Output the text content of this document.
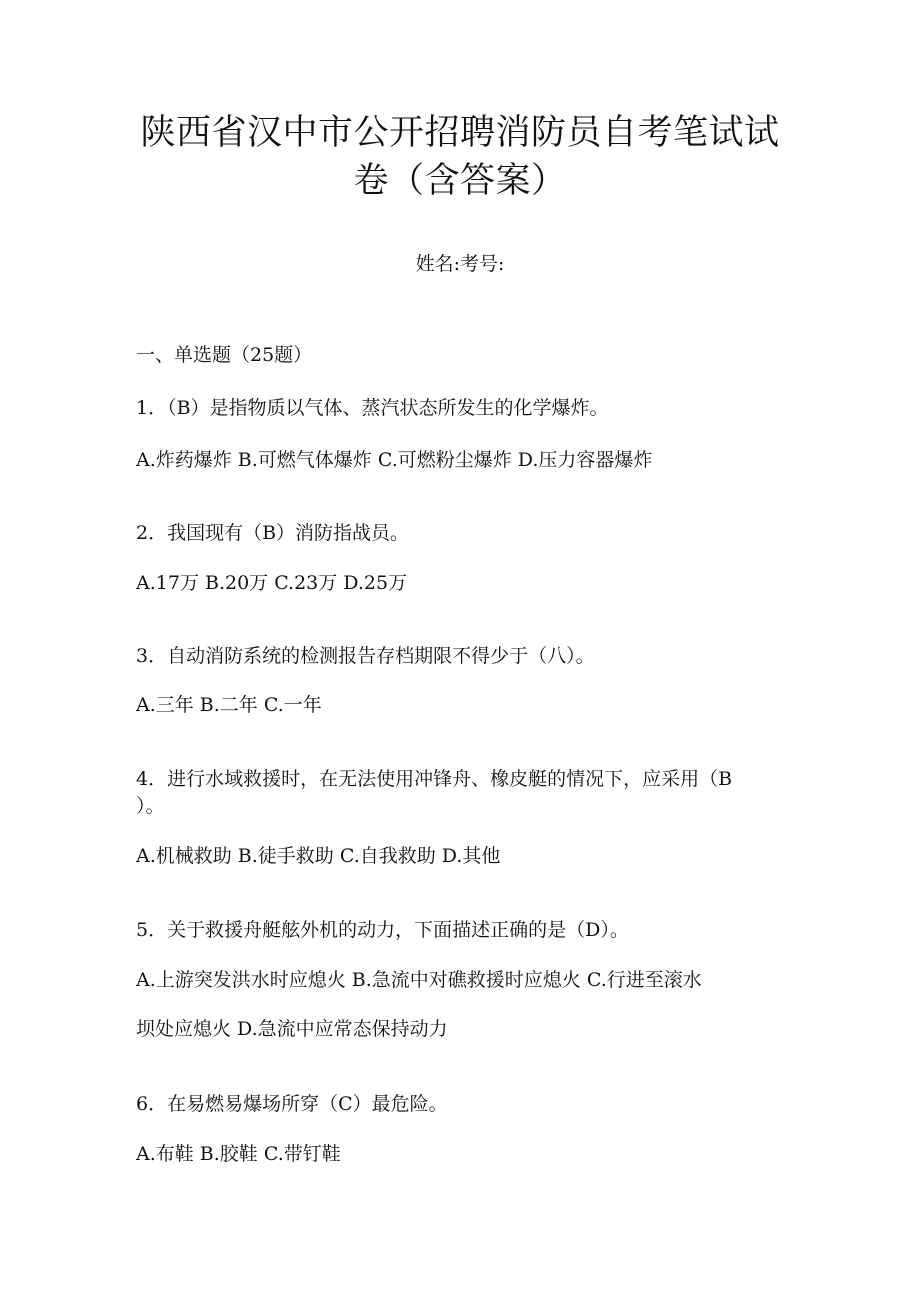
陕西省汉中市公开招聘消防员自考笔试试
卷（含答案）
姓名:考号:
一、单选题（25题）
1．（B）是指物质以气体、蒸汽状态所发生的化学爆炸。
A.炸药爆炸 B.可燃气体爆炸 C.可燃粉尘爆炸 D.压力容器爆炸
2．我国现有（B）消防指战员。
A.17万 B.20万 C.23万 D.25万
3．自动消防系统的检测报告存档期限不得少于（八）。
A.三年 B.二年 C.一年
4．进行水域救援时，在无法使用冲锋舟、橡皮艇的情况下，应采用（B
）。
A.机械救助 B.徒手救助 C.自我救助 D.其他
5．关于救援舟艇舷外机的动力，下面描述正确的是（D）。
A.上游突发洪水时应熄火 B.急流中对礁救援时应熄火 C.行进至滚水
坝处应熄火 D.急流中应常态保持动力
6．在易燃易爆场所穿（C）最危险。
A.布鞋 B.胶鞋 C.带钉鞋
